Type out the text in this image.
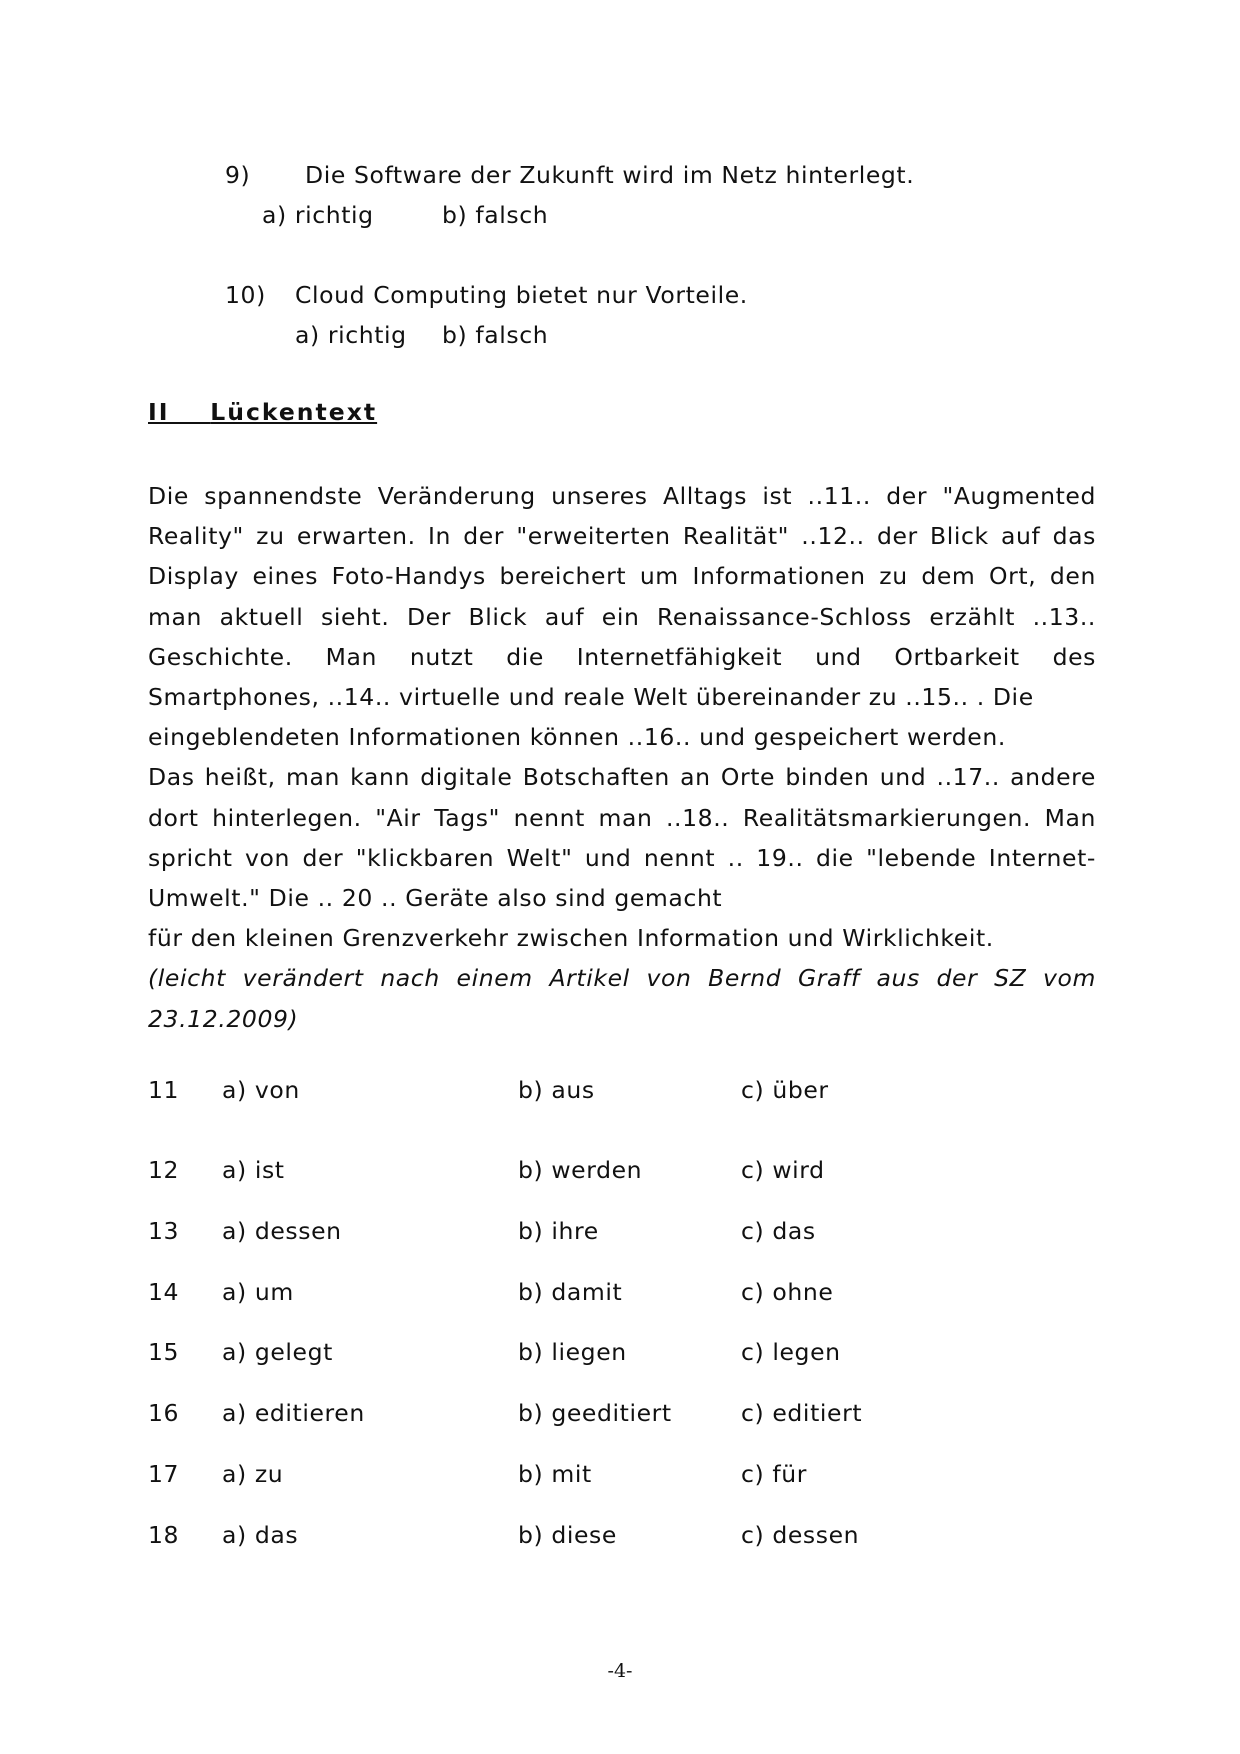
9) Die Software der Zukunft wird im Netz hinterlegt.
a) richtig	b) falsch
10) Cloud Computing bietet nur Vorteile.
a) richtig b) falsch
II Lückentext

Die spannendste Veränderung unseres Alltags ist ..11.. der "Augmented Reality" zu erwarten. In der "erweiterten Realität" ..12.. der Blick auf das Display eines Foto-Handys bereichert um Informationen zu dem Ort, den man aktuell sieht. Der Blick auf ein Renaissance-Schloss erzählt ..13.. Geschichte. Man nutzt die Internetfähigkeit und Ortbarkeit des Smartphones, ..14.. virtuelle und reale Welt übereinander zu ..15.. . Die

eingeblendeten Informationen können ..16.. und gespeichert werden.

Das heißt, man kann digitale Botschaften an Orte binden und ..17.. andere dort hinterlegen. "Air Tags" nennt man ..18.. Realitätsmarkierungen. Man spricht von der "klickbaren Welt" und nennt .. 19.. die "lebende Internet-Umwelt." Die .. 20 .. Geräte also sind gemacht

für den kleinen Grenzverkehr zwischen Information und Wirklichkeit.

(leicht verändert nach einem Artikel von Bernd Graff aus der SZ vom 23.12.2009)

11 a) von	b) aus	c) über
12 a) ist	b) werden	c) wird
13 a) dessen	b) ihre	c) das
14 a) um	b) damit	c) ohne
15 a) gelegt	b) liegen	c) legen
16 a) editieren	b) geeditiert	c) editiert
17 a) zu	b) mit	c) für
18 a) das	b) diese	c) dessen
-4-
